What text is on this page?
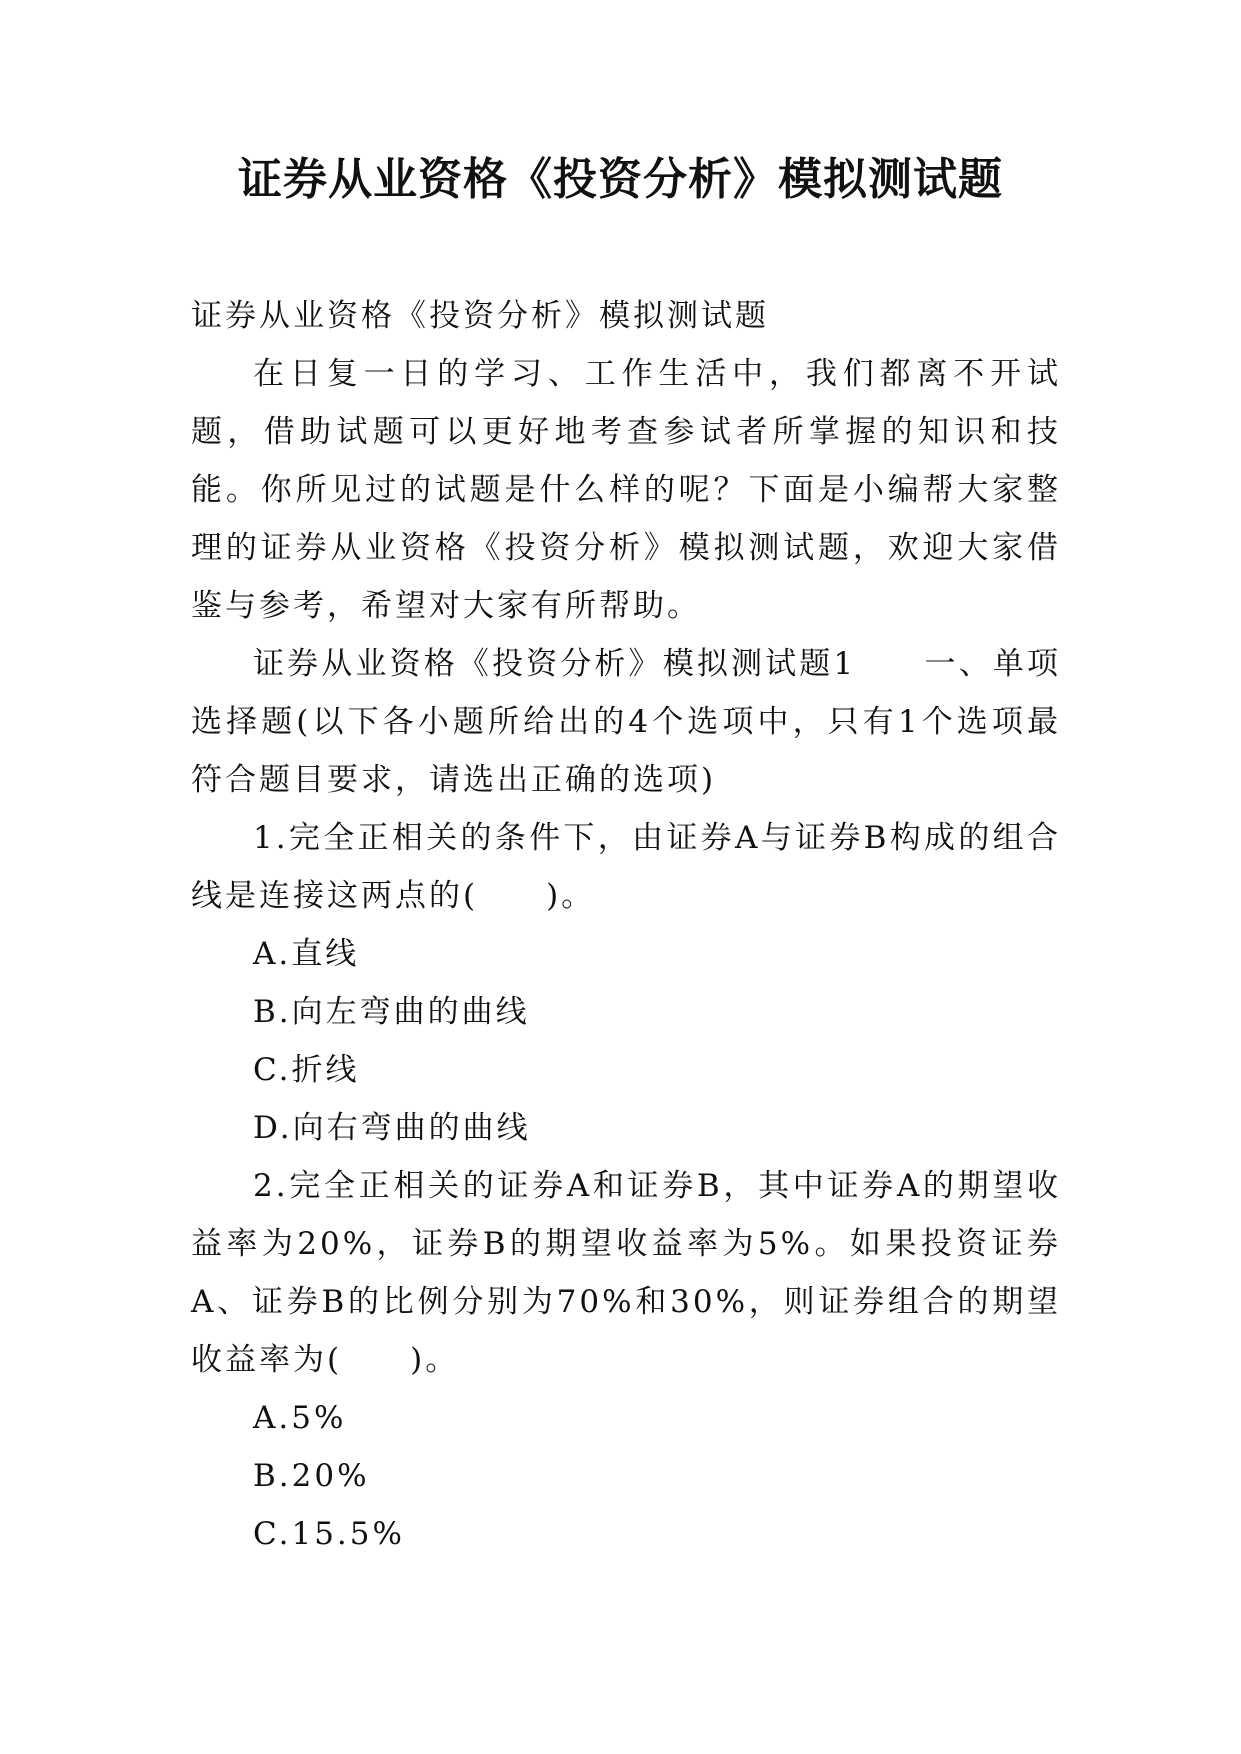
证券从业资格《投资分析》模拟测试题

证券从业资格《投资分析》模拟测试题

在日复一日的学习、工作生活中，我们都离不开试题，借助试题可以更好地考查参试者所掌握的知识和技能。你所见过的试题是什么样的呢？下面是小编帮大家整理的证券从业资格《投资分析》模拟测试题，欢迎大家借鉴与参考，希望对大家有所帮助。

证券从业资格《投资分析》模拟测试题1　　一、单项选择题(以下各小题所给出的4个选项中，只有1个选项最符合题目要求，请选出正确的选项)

1.完全正相关的条件下，由证券A与证券B构成的组合线是连接这两点的(　　)。

A.直线

B.向左弯曲的曲线

C.折线

D.向右弯曲的曲线

2.完全正相关的证券A和证券B，其中证券A的期望收益率为20%，证券B的期望收益率为5%。如果投资证券A、证券B的比例分别为70%和30%，则证券组合的期望收益率为(　　)。

A.5%

B.20%

C.15.5%
